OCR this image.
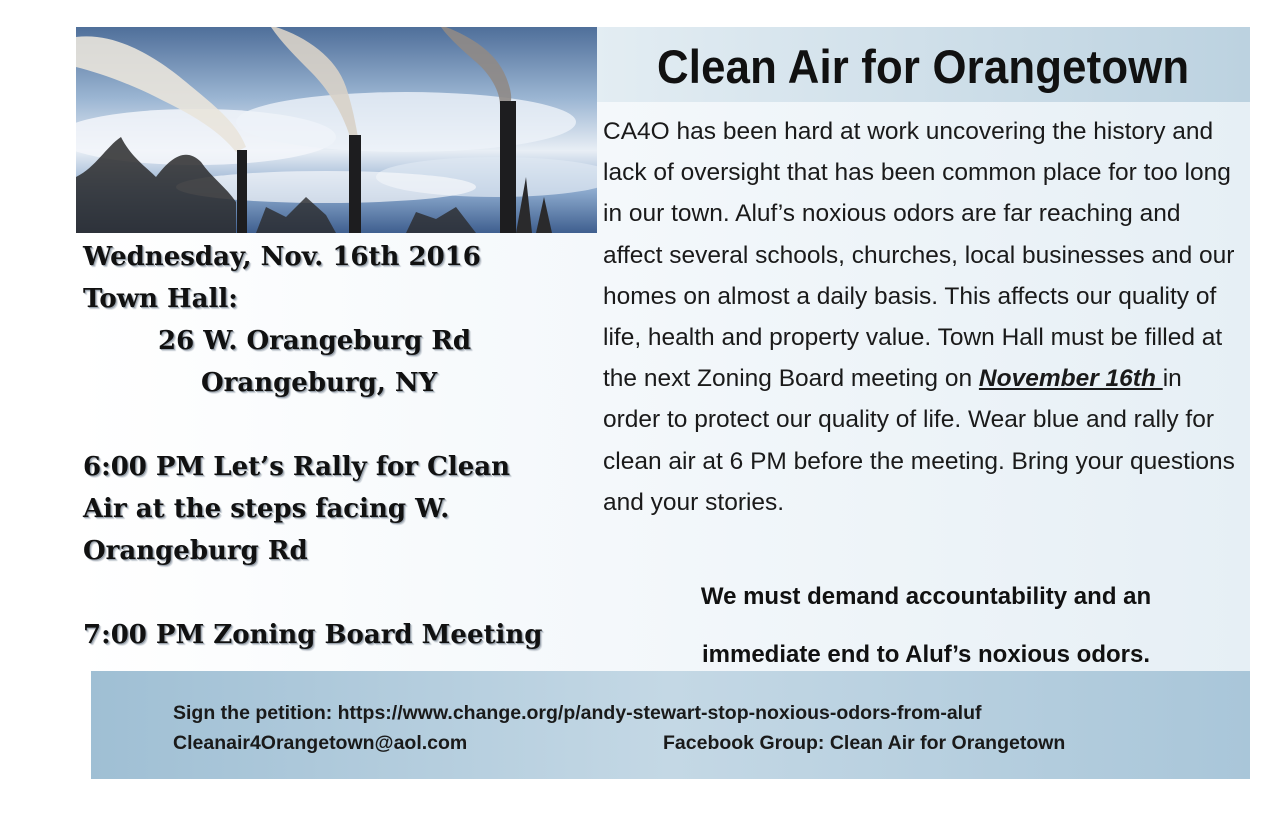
Clean Air for Orangetown
Wednesday, Nov. 16th 2016
Town Hall:
26 W. Orangeburg Rd
Orangeburg, NY
6:00 PM Let’s Rally for Clean
Air at the steps facing W.
Orangeburg Rd
7:00 PM Zoning Board Meeting
CA4O has been hard at work uncovering the history and lack of oversight that has been common place for too long in our town. Aluf’s noxious odors are far reaching and affect several schools, churches, local businesses and our homes on almost a daily basis. This affects our quality of life, health and property value. Town Hall must be filled at the next Zoning Board meeting on November 16th in order to protect our quality of life. Wear blue and rally for clean air at 6 PM before the meeting. Bring your questions and your stories.
We must demand accountability and an
immediate end to Aluf’s noxious odors.
Sign the petition: https://www.change.org/p/andy-stewart-stop-noxious-odors-from-aluf
Cleanair4Orangetown@aol.com	Facebook Group: Clean Air for Orangetown
